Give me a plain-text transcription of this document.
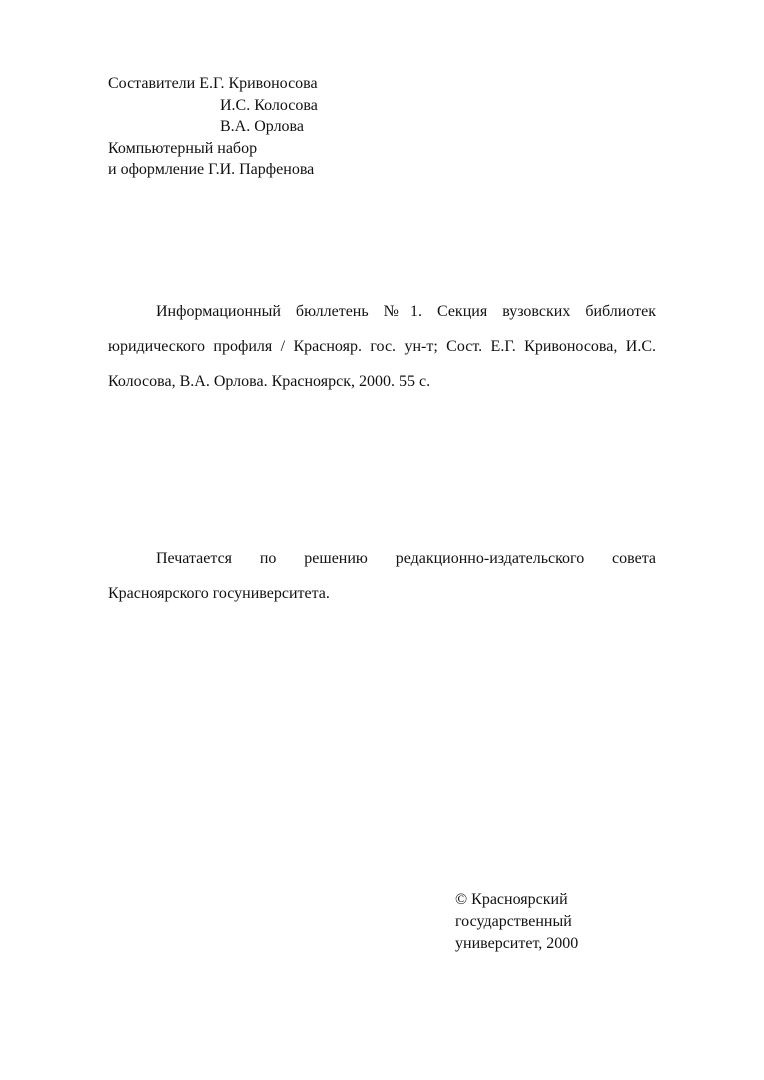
Составители Е.Г. Кривоносова
И.С. Колосова
В.А. Орлова
Компьютерный набор
и оформление Г.И. Парфенова

Информационный бюллетень №1. Секция вузовских библиотек юридического профиля / Краснояр. гос. ун-т; Сост. Е.Г. Кривоносова, И.С. Колосова, В.А. Орлова. Красноярск, 2000. 55 с.

Печатается по решению редакционно-издательского совета Красноярского госуниверситета.

© Красноярский
государственный
университет, 2000
